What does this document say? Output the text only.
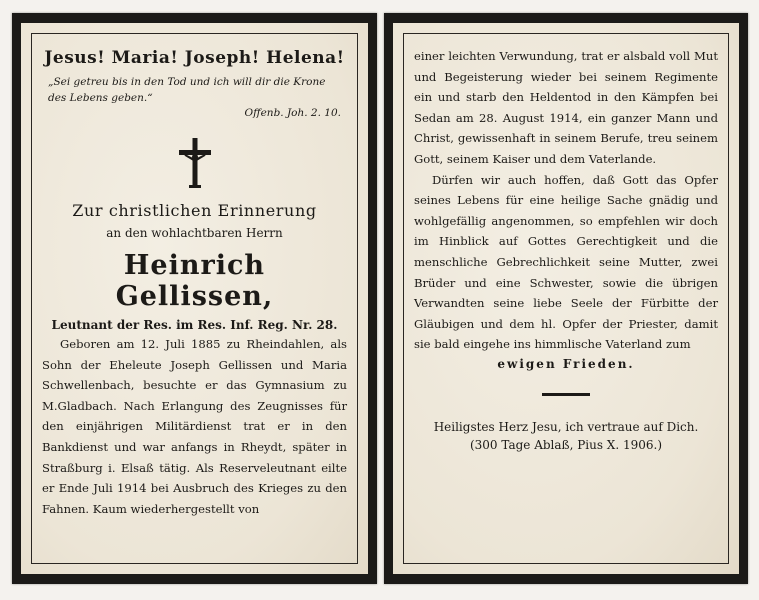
Jesus! Maria! Joseph! Helena!
„Sei getreu bis in den Tod und ich will dir die Krone des Lebens geben.“
Offenb. Joh. 2. 10.
Zur christlichen Erinnerung
an den wohlachtbaren Herrn
Heinrich Gellissen,
Leutnant der Res. im Res. Inf. Reg. Nr. 28.
Geboren am 12. Juli 1885 zu Rheindahlen, als Sohn der Eheleute Joseph Gellissen und Maria Schwellenbach, besuchte er das Gymnasium zu M.Gladbach. Nach Erlangung des Zeugnisses für den einjährigen Militärdienst trat er in den Bankdienst und war anfangs in Rheydt, später in Straßburg i. Elsaß tätig. Als Reserveleutnant eilte er Ende Juli 1914 bei Ausbruch des Krieges zu den Fahnen. Kaum wiederhergestellt von
einer leichten Verwundung, trat er alsbald voll Mut und Begeisterung wieder bei seinem Regimente ein und starb den Heldentod in den Kämpfen bei Sedan am 28. August 1914, ein ganzer Mann und Christ, gewissenhaft in seinem Berufe, treu seinem Gott, seinem Kaiser und dem Vaterlande.
Dürfen wir auch hoffen, daß Gott das Opfer seines Lebens für eine heilige Sache gnädig und wohlgefällig angenommen, so empfehlen wir doch im Hinblick auf Gottes Gerechtigkeit und die menschliche Gebrechlichkeit seine Mutter, zwei Brüder und eine Schwester, sowie die übrigen Verwandten seine liebe Seele der Fürbitte der Gläubigen und dem hl. Opfer der Priester, damit sie bald eingehe ins himmlische Vaterland zum
ewigen Frieden.
Heiligstes Herz Jesu, ich vertraue auf Dich.
(300 Tage Ablaß, Pius X. 1906.)
